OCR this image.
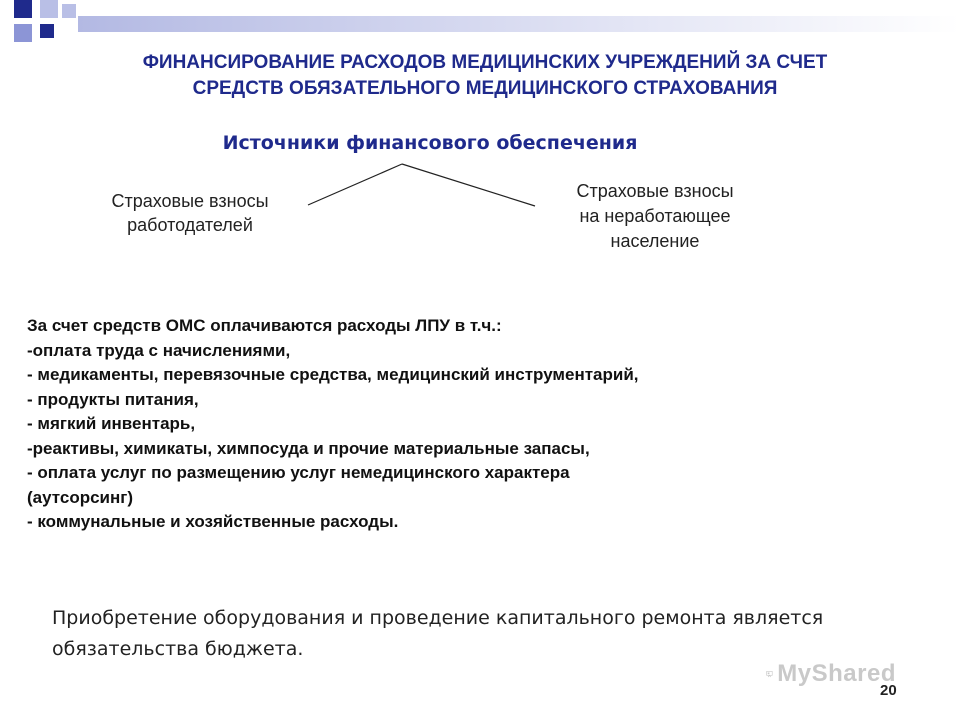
ФИНАНСИРОВАНИЕ РАСХОДОВ МЕДИЦИНСКИХ УЧРЕЖДЕНИЙ ЗА СЧЕТ
СРЕДСТВ ОБЯЗАТЕЛЬНОГО МЕДИЦИНСКОГО СТРАХОВАНИЯ
Источники финансового обеспечения
Страховые взносы
работодателей
Страховые взносы
на неработающее
население
За счет средств ОМС оплачиваются расходы ЛПУ в т.ч.:
-оплата труда с начислениями,
- медикаменты, перевязочные средства, медицинский инструментарий,
- продукты питания,
- мягкий инвентарь,
-реактивы, химикаты, химпосуда и прочие материальные запасы,
- оплата услуг по размещению услуг немедицинского характера
(аутсорсинг)
- коммунальные и хозяйственные расходы.
Приобретение оборудования и проведение капитального ремонта является
обязательства бюджета.
MyShared
20
